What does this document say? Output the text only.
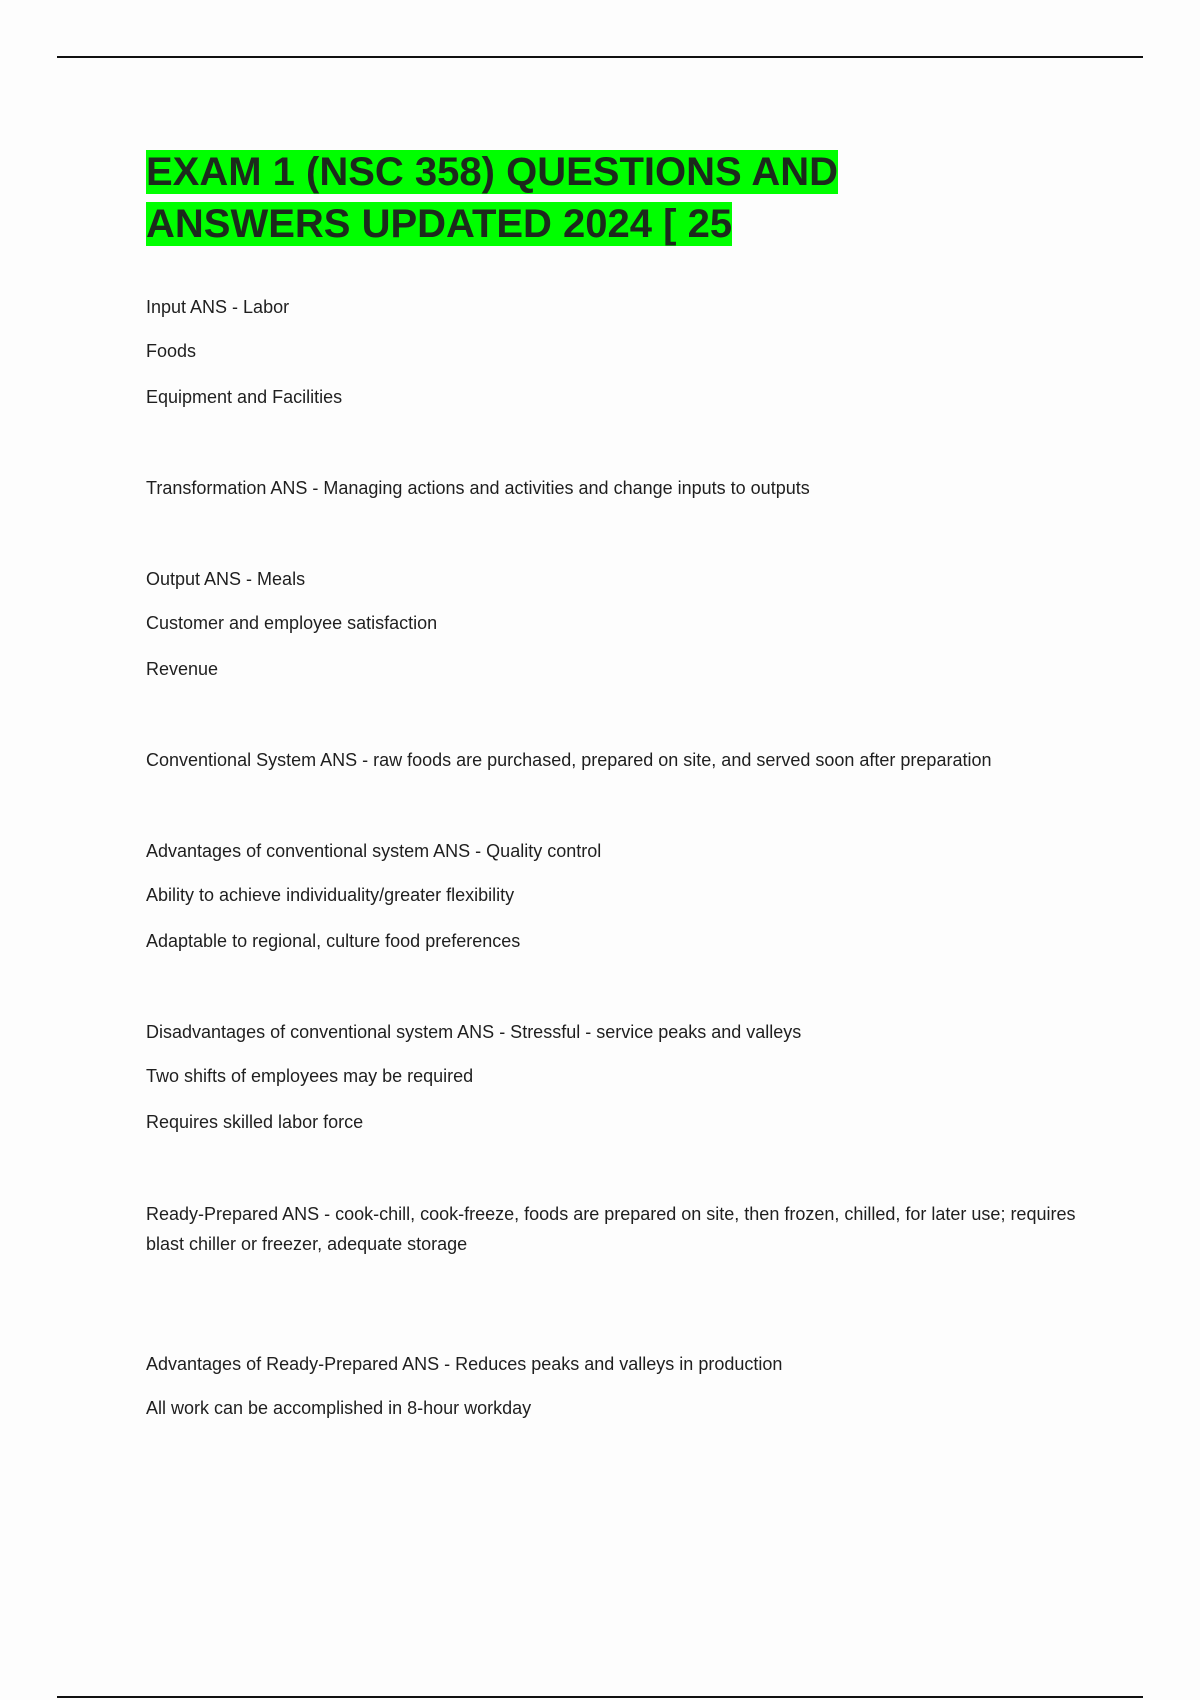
EXAM 1 (NSC 358) QUESTIONS AND ANSWERS UPDATED 2024 [ 25
Input ANS - Labor
Foods
Equipment and Facilities
Transformation ANS - Managing actions and activities and change inputs to outputs
Output ANS - Meals
Customer and employee satisfaction
Revenue
Conventional System ANS - raw foods are purchased, prepared on site, and served soon after preparation
Advantages of conventional system ANS - Quality control
Ability to achieve individuality/greater flexibility
Adaptable to regional, culture food preferences
Disadvantages of conventional system ANS - Stressful - service peaks and valleys
Two shifts of employees may be required
Requires skilled labor force
Ready-Prepared ANS - cook-chill, cook-freeze, foods are prepared on site, then frozen, chilled, for later use; requires blast chiller or freezer, adequate storage
Advantages of Ready-Prepared ANS - Reduces peaks and valleys in production
All work can be accomplished in 8-hour workday
